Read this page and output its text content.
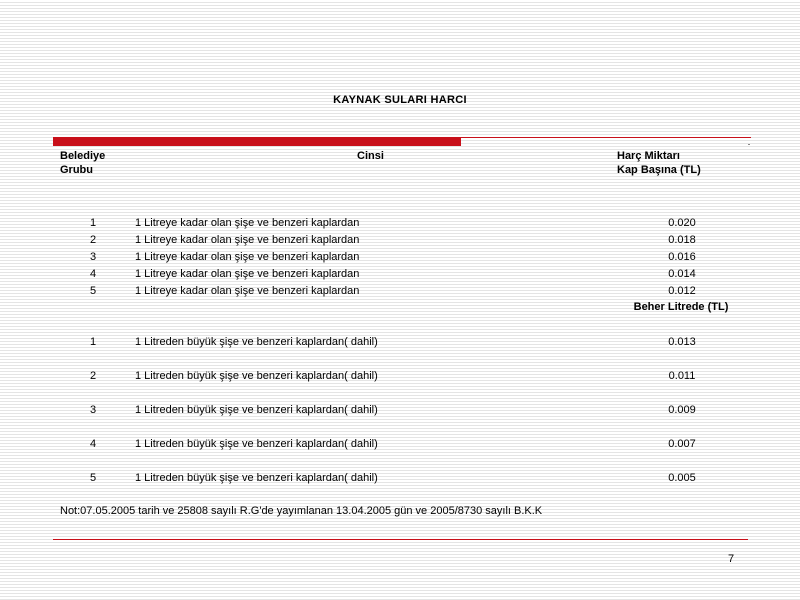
KAYNAK SULARI HARCI
Belediye
Grubu
Cinsi	Harç Miktarı
Kap Başına (TL)
1	1 Litreye kadar olan şişe ve benzeri kaplardan	0.020
2	1 Litreye kadar olan şişe ve benzeri kaplardan	0.018
3	1 Litreye kadar olan şişe ve benzeri kaplardan	0.016
4	1 Litreye kadar olan şişe ve benzeri kaplardan	0.014
5	1 Litreye kadar olan şişe ve benzeri kaplardan	0.012
Beher Litrede (TL)
1	1 Litreden büyük şişe ve benzeri kaplardan( dahil)	0.013
2	1 Litreden büyük şişe ve benzeri kaplardan( dahil)	0.011
3	1 Litreden büyük şişe ve benzeri kaplardan( dahil)	0.009
4	1 Litreden büyük şişe ve benzeri kaplardan( dahil)	0.007
5	1 Litreden büyük şişe ve benzeri kaplardan( dahil)	0.005
Not:07.05.2005 tarih ve 25808 sayılı R.G'de yayımlanan 13.04.2005 gün ve 2005/8730 sayılı B.K.K
7
